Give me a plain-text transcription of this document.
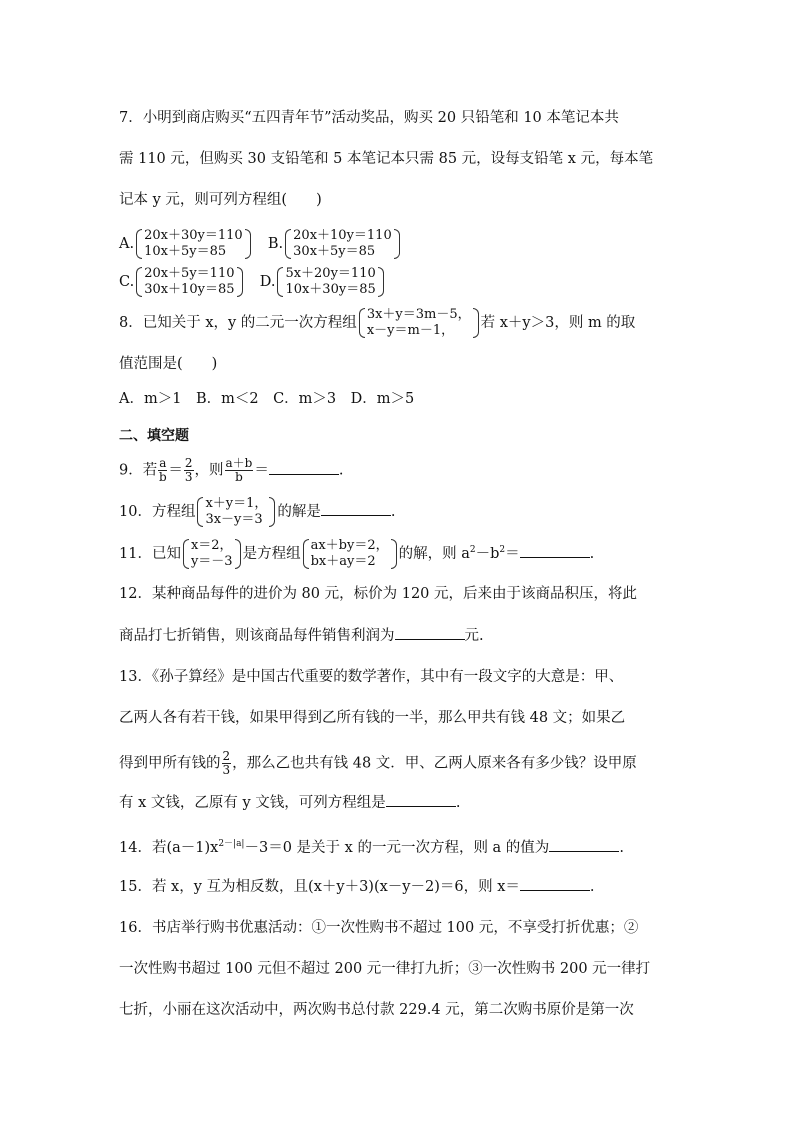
7．小明到商店购买“五四青年节”活动奖品，购买 20 只铅笔和 10 本笔记本共
需 110 元，但购买 30 支铅笔和 5 本笔记本只需 85 元，设每支铅笔 x 元，每本笔
记本 y 元，则可列方程组(　　)
A.
20x＋30y＝110
10x＋5y＝85	B.
20x＋10y＝110
30x＋5y＝85
C.
20x＋5y＝110
30x＋10y＝85 D.
5x＋20y＝110
10x＋30y＝85
8．已知关于 x，y 的二元一次方程组
3x＋y＝3m－5，
x－y＝m－1，	若 x＋y＞3，则 m 的取
值范围是(　　)
A．m＞1　B．m＜2　C．m＞3　D．m＞5
二、填空题
9．若 $\frac{a}{b} = \frac{2}{3}$ ，则 $\frac{a+b}{b}$ ＝	.
10．方程组
x＋y＝1，
3x－y＝3	的解是	.
11．已知
x＝2，
y＝－3 是方程组
ax＋by＝2，
bx＋ay＝2	的解，则 $a^2-b^2=$	.
12．某种商品每件的进价为 80 元，标价为 120 元，后来由于该商品积压，将此
商品打七折销售，则该商品每件销售利润为	元.
13．《孙子算经》是中国古代重要的数学著作，其中有一段文字的大意是：甲、
乙两人各有若干钱，如果甲得到乙所有钱的一半，那么甲共有钱 48 文；如果乙
得到甲所有钱的 $\frac{2}{3}$ ，那么乙也共有钱 48 文．甲、乙两人原来各有多少钱？设甲原
有 x 文钱，乙原有 y 文钱，可列方程组是	.
14．若$(a-1)x^{2-|a|}-3=0$ 是关于 x 的一元一次方程，则 a 的值为	.
15．若 x，y 互为相反数，且(x＋y＋3)(x－y－2)＝6，则 x＝	.
16．书店举行购书优惠活动：①一次性购书不超过 100 元，不享受打折优惠；②
一次性购书超过 100 元但不超过 200 元一律打九折；③一次性购书 200 元一律打
七折，小丽在这次活动中，两次购书总付款 229.4 元，第二次购书原价是第一次
